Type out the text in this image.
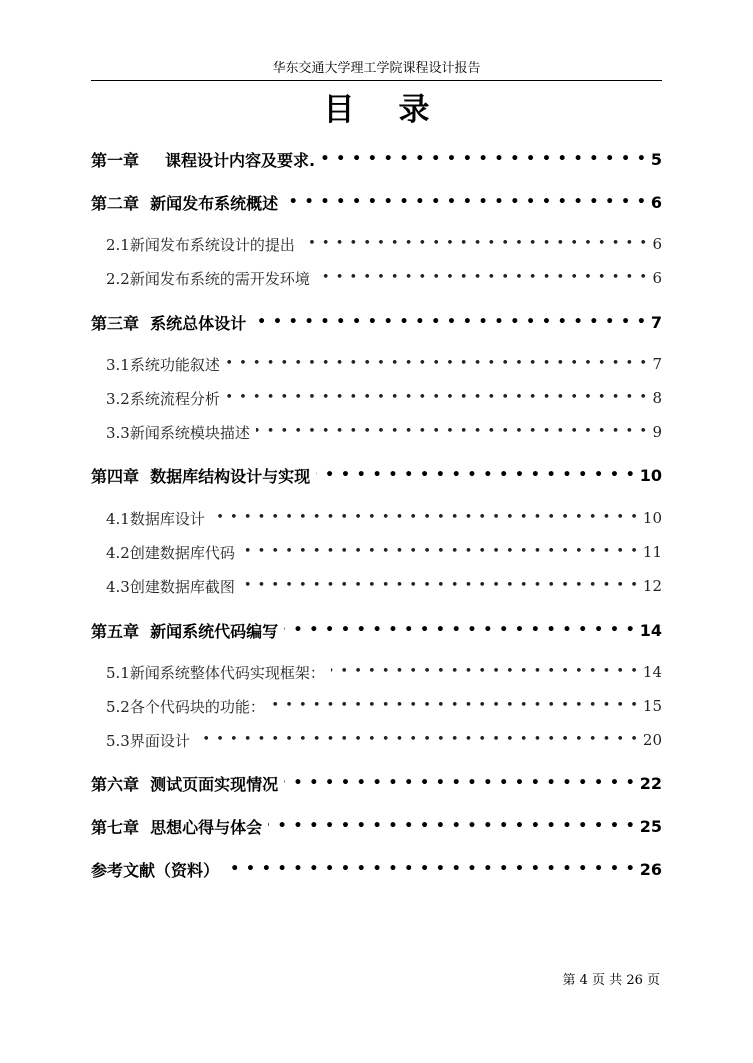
华东交通大学理工学院课程设计报告
目 录
第一章 课程设计内容及要求. • • •	5
第二章 新闻发布系统概述 • • •	6
2.1新闻发布系统设计的提出 • • •	6
2.2新闻发布系统的需开发环境 • • •	6
第三章 系统总体设计 • • •	7
3.1系统功能叙述 • • •	7
3.2系统流程分析 • • •	8
3.3新闻系统模块描述 • • •	9
第四章 数据库结构设计与实现 • • •	10
4.1数据库设计 • • •	10
4.2创建数据库代码 • • •	11
4.3创建数据库截图 • • •	12
第五章 新闻系统代码编写 • • •	14
5.1新闻系统整体代码实现框架： • • •	14
5.2各个代码块的功能： • • •	15
5.3界面设计 • • •	20
第六章 测试页面实现情况 • • •	22
第七章 思想心得与体会 • • •	25
参考文献（资料） • • •	26
第 4 页 共 26 页
